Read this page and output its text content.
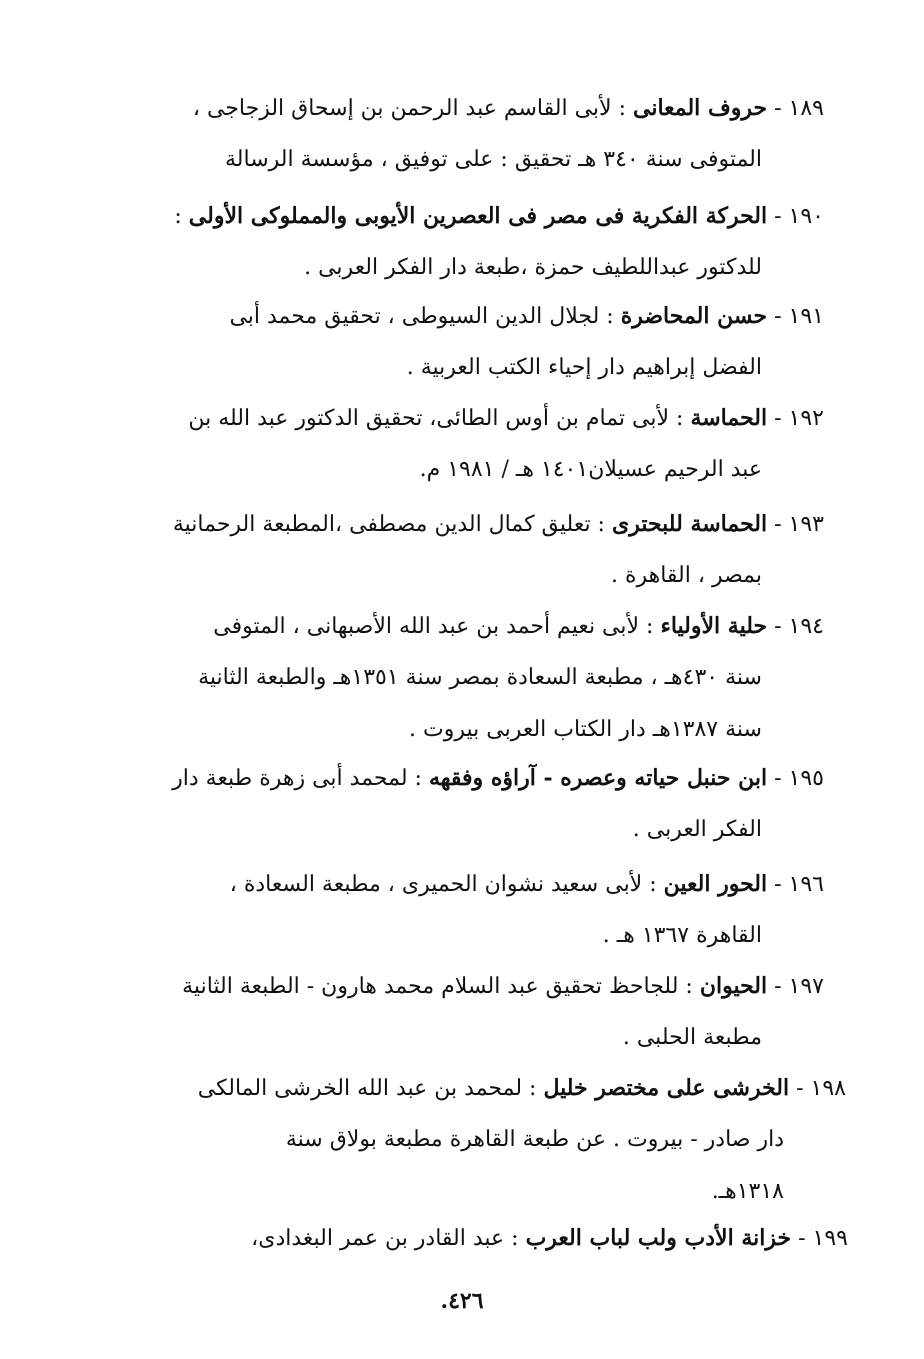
١٨٩ - حروف المعانى : لأبى القاسم عبد الرحمن بن إسحاق الزجاجى ،
المتوفى سنة ٣٤٠ هـ تحقيق : على توفيق ، مؤسسة الرسالة
١٩٠ - الحركة الفكرية فى مصر فى العصرين الأيوبى والمملوكى الأولى :
للدكتور عبداللطيف حمزة ،طبعة دار الفكر العربى .
١٩١ - حسن المحاضرة : لجلال الدين السيوطى ، تحقيق محمد أبى
الفضل إبراهيم دار إحياء الكتب العربية .
١٩٢ - الحماسة : لأبى تمام بن أوس الطائى، تحقيق الدكتور عبد الله بن
عبد الرحيم عسيلان١٤٠١ هـ / ١٩٨١ م.
١٩٣ - الحماسة للبحترى : تعليق كمال الدين مصطفى ،المطبعة الرحمانية
بمصر ، القاهرة .
١٩٤ - حلية الأولياء : لأبى نعيم أحمد بن عبد الله الأصبهانى ، المتوفى
سنة ٤٣٠هـ ، مطبعة السعادة بمصر سنة ١٣٥١هـ والطبعة الثانية
سنة ١٣٨٧هـ دار الكتاب العربى بيروت .
١٩٥ - ابن حنبل حياته وعصره - آراؤه وفقهه : لمحمد أبى زهرة طبعة دار
الفكر العربى .
١٩٦ - الحور العين : لأبى سعيد نشوان الحميرى ، مطبعة السعادة ،
القاهرة ١٣٦٧ هـ .
١٩٧ - الحيوان : للجاحظ تحقيق عبد السلام محمد هارون - الطبعة الثانية
مطبعة الحلبى .
١٩٨ - الخرشى على مختصر خليل : لمحمد بن عبد الله الخرشى المالكى
دار صادر - بيروت . عن طبعة القاهرة مطبعة بولاق سنة
١٣١٨هـ.
١٩٩ - خزانة الأدب ولب لباب العرب : عبد القادر بن عمر البغدادى،
٤٢٦.
